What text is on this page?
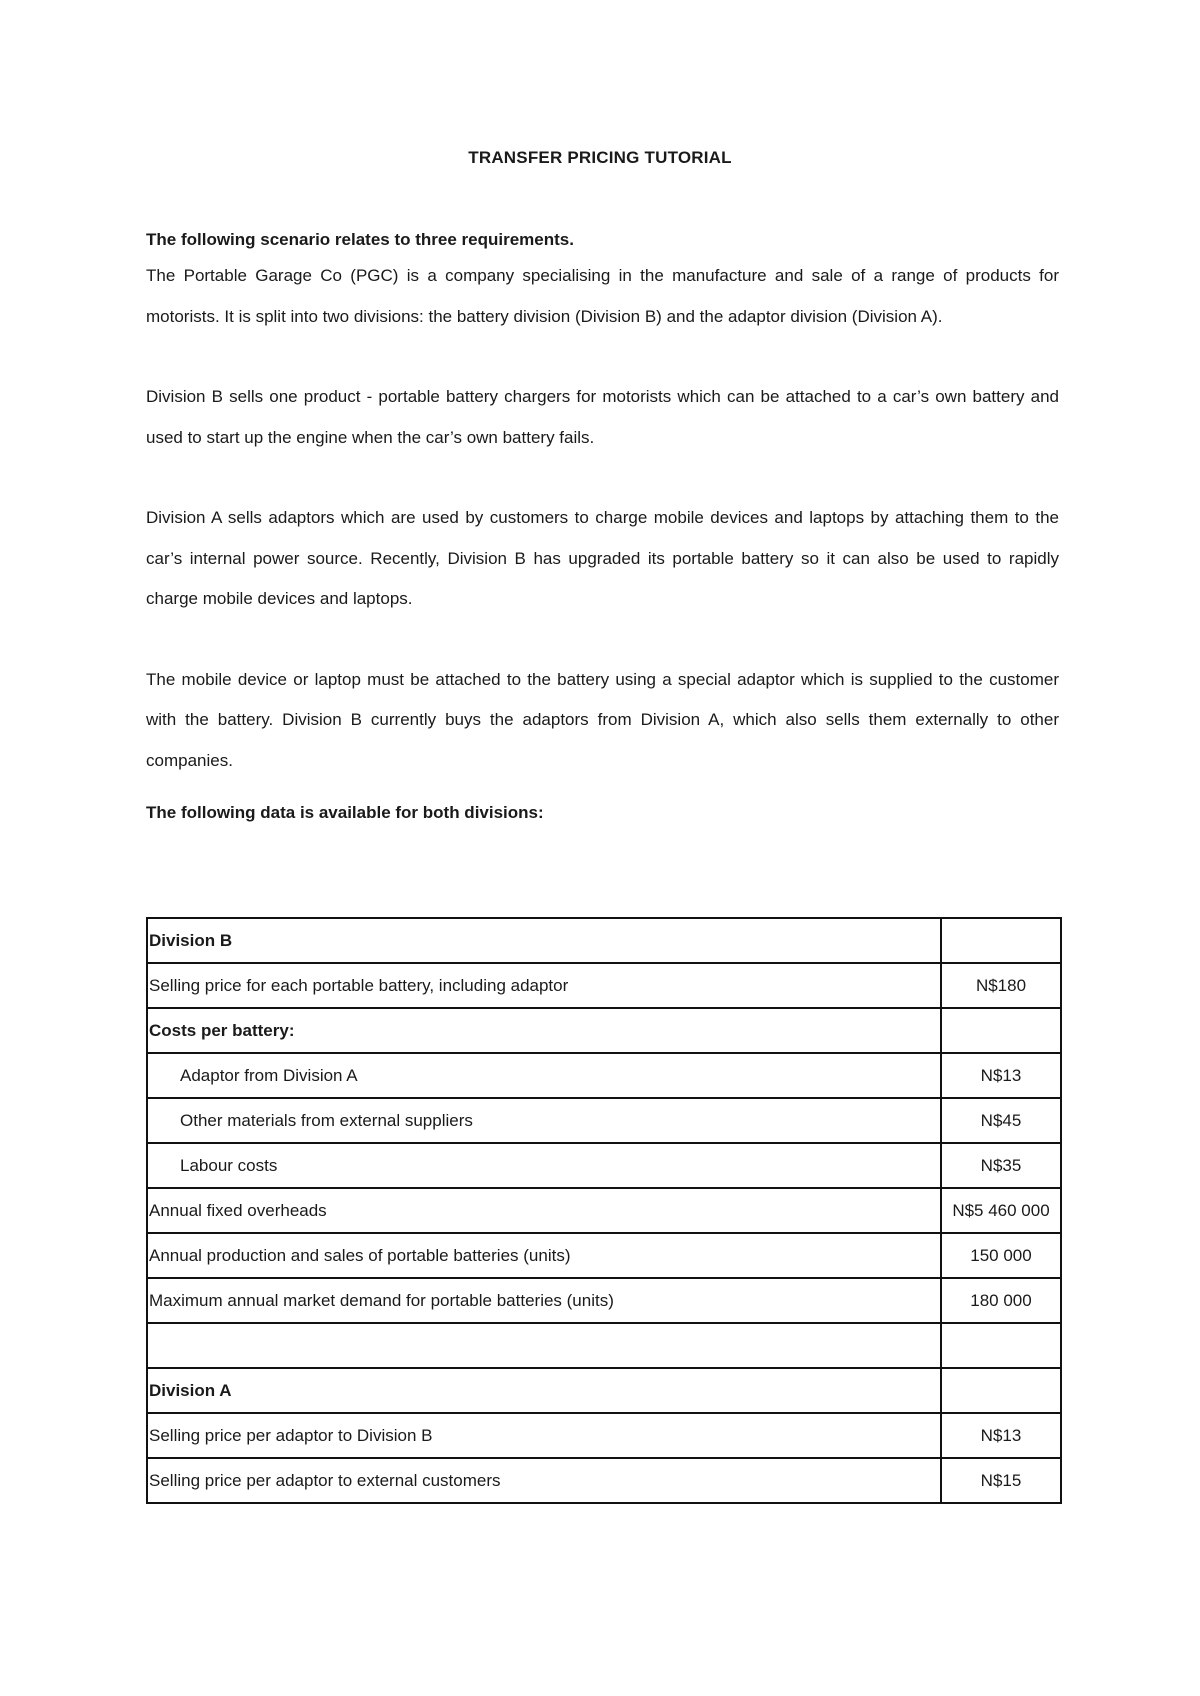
TRANSFER PRICING TUTORIAL
The following scenario relates to three requirements.

The Portable Garage Co (PGC) is a company specialising in the manufacture and sale of a range of products for motorists. It is split into two divisions: the battery division (Division B) and the adaptor division (Division A).

Division B sells one product - portable battery chargers for motorists which can be attached to a car’s own battery and used to start up the engine when the car’s own battery fails.

Division A sells adaptors which are used by customers to charge mobile devices and laptops by attaching them to the car’s internal power source. Recently, Division B has upgraded its portable battery so it can also be used to rapidly charge mobile devices and laptops.

The mobile device or laptop must be attached to the battery using a special adaptor which is supplied to the customer with the battery. Division B currently buys the adaptors from Division A, which also sells them externally to other companies.

The following data is available for both divisions:
Division B	
Selling price for each portable battery, including adaptor	N$180
Costs per battery:	
Adaptor from Division A	N$13
Other materials from external suppliers	N$45
Labour costs	N$35
Annual fixed overheads	N$5 460 000
Annual production and sales of portable batteries (units)	150 000
Maximum annual market demand for portable batteries (units)	180 000

Division A	
Selling price per adaptor to Division B	N$13
Selling price per adaptor to external customers	N$15
